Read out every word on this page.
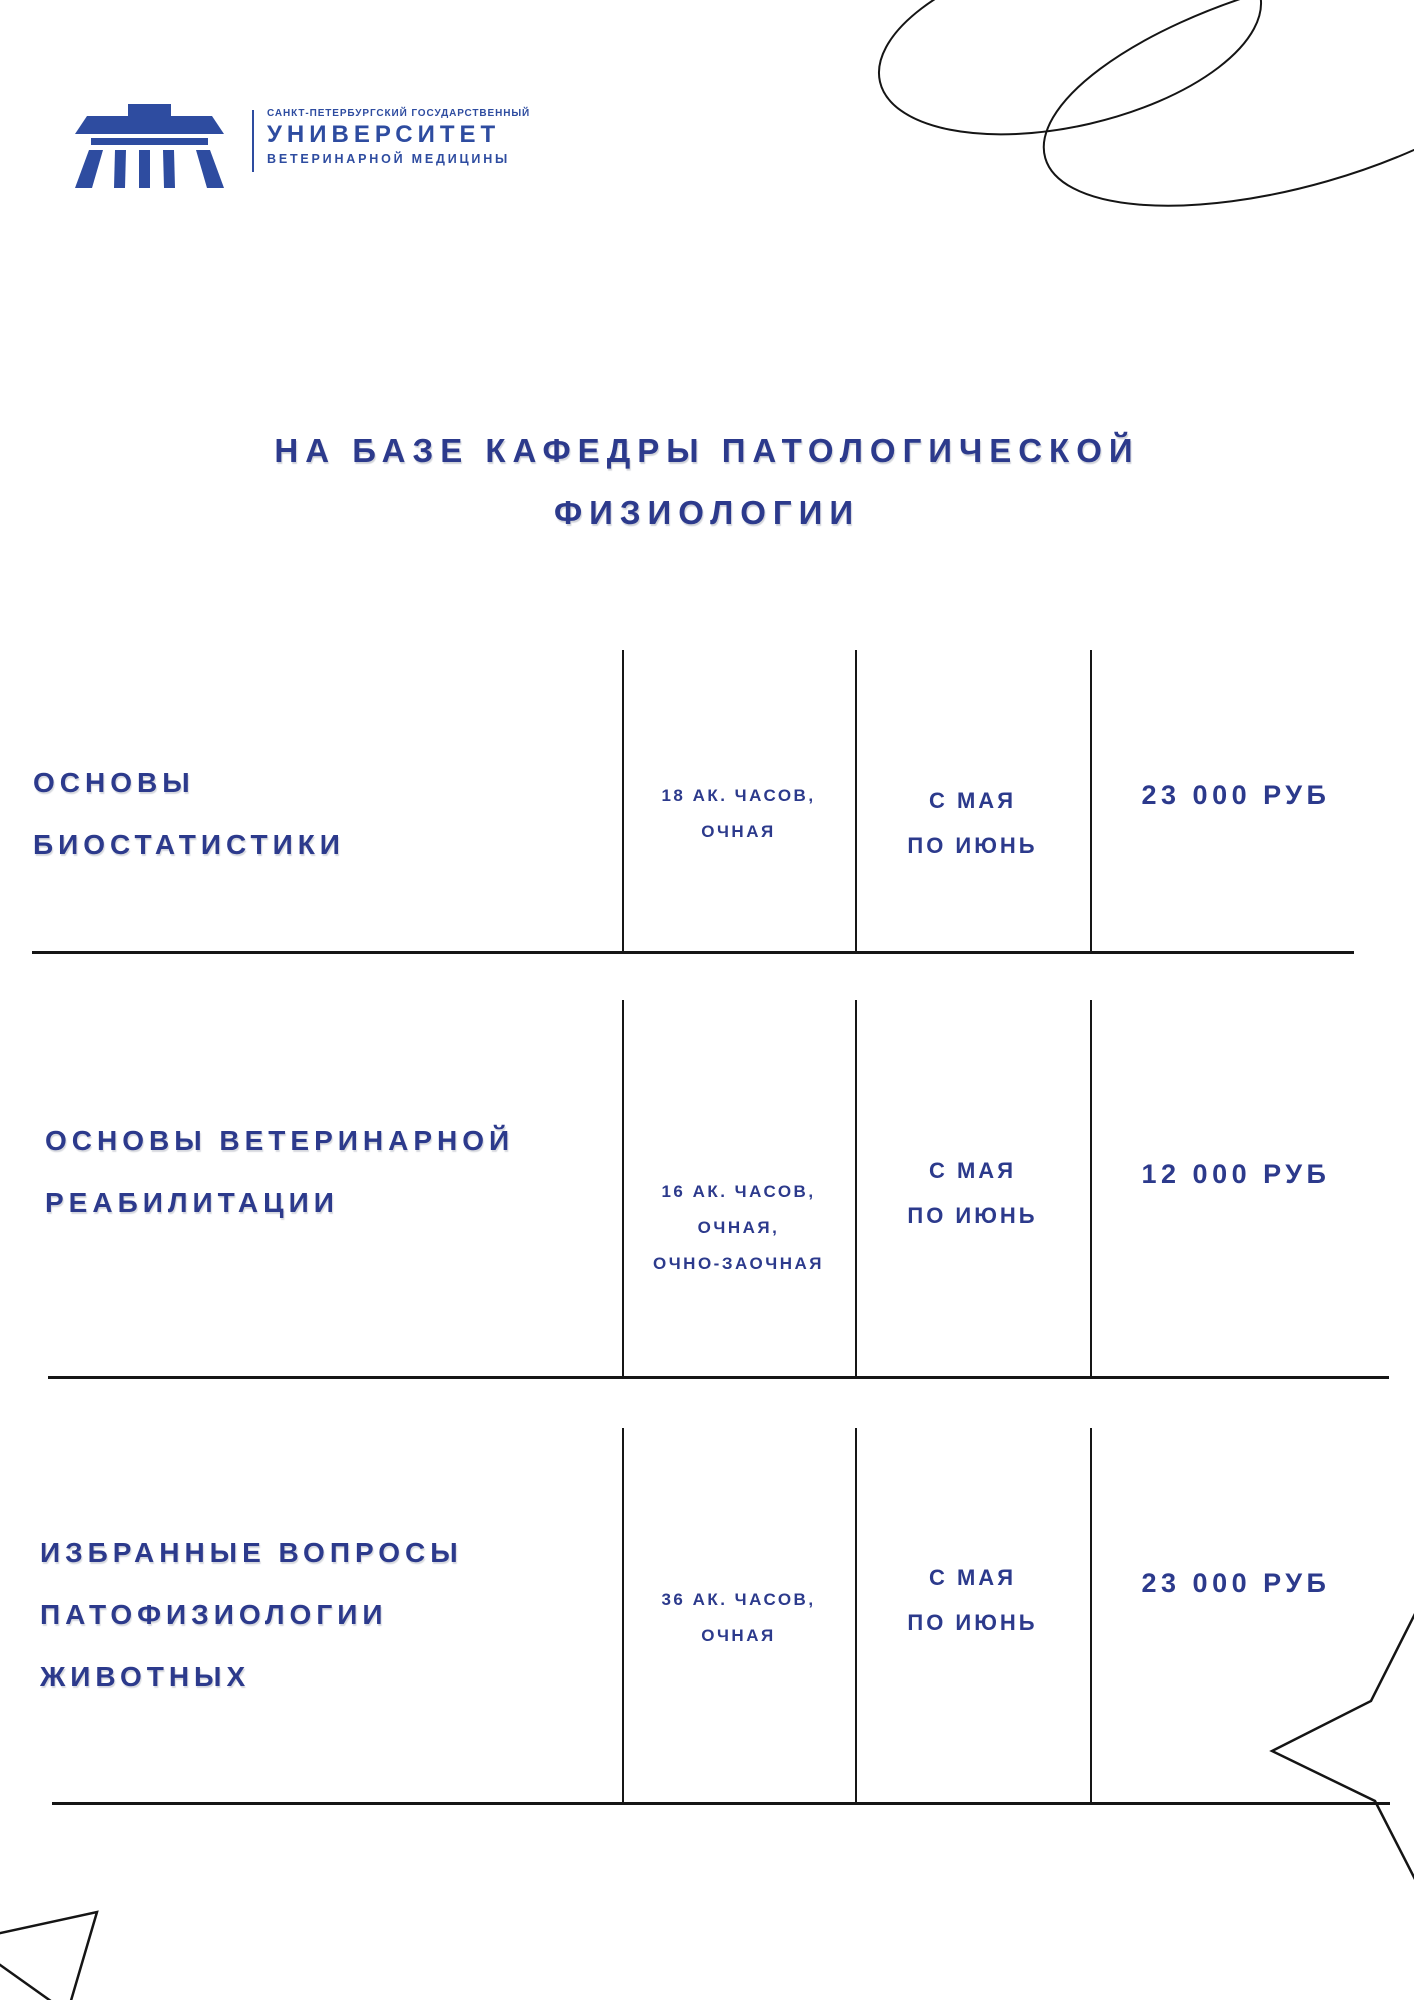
САНКТ-ПЕТЕРБУРГСКИЙ ГОСУДАРСТВЕННЫЙ
УНИВЕРСИТЕТ
ВЕТЕРИНАРНОЙ МЕДИЦИНЫ
НА БАЗЕ КАФЕДРЫ ПАТОЛОГИЧЕСКОЙ
ФИЗИОЛОГИИ
ОСНОВЫ
БИОСТАТИСТИКИ
18 АК. ЧАСОВ,
ОЧНАЯ
С МАЯ
ПО ИЮНЬ
23 000 РУБ
ОСНОВЫ ВЕТЕРИНАРНОЙ
РЕАБИЛИТАЦИИ	16 АК. ЧАСОВ,
ОЧНАЯ,
ОЧНО-ЗАОЧНАЯ
С МАЯ
ПО ИЮНЬ
12 000 РУБ
ИЗБРАННЫЕ ВОПРОСЫ
ПАТОФИЗИОЛОГИИ
ЖИВОТНЫХ
36 АК. ЧАСОВ,
ОЧНАЯ
С МАЯ
ПО ИЮНЬ
23 000 РУБ
